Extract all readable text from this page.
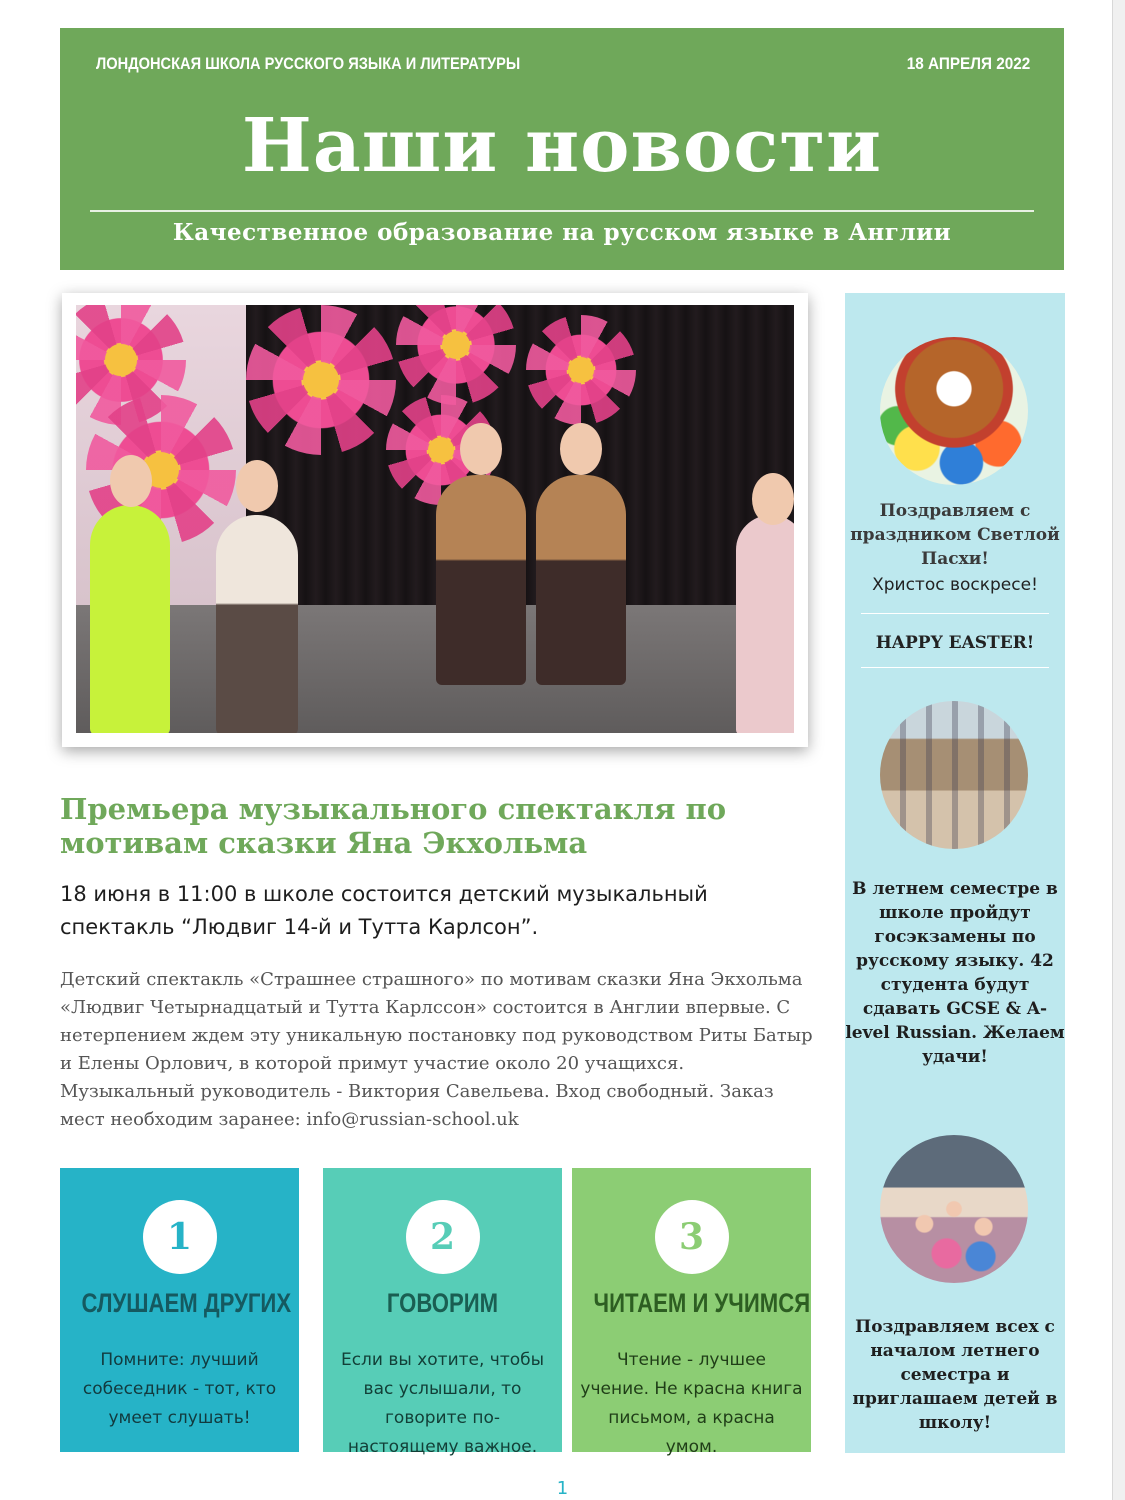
ЛОНДОНСКАЯ ШКОЛА РУССКОГО ЯЗЫКА И ЛИТЕРАТУРЫ	18 АПРЕЛЯ 2022
Наши новости
Качественное образование на русском языке в Англии
Премьера музыкального спектакля по мотивам сказки Яна Экхольма

18 июня в 11:00 в школе состоится детский музыкальный спектакль “Людвиг 14-й и Тутта Карлсон”.

Детский спектакль «Страшнее страшного» по мотивам сказки Яна Экхольма «Людвиг Четырнадцатый и Тутта Карлссон» состоится в Англии впервые. С нетерпением ждем эту уникальную постановку под руководством Риты Батыр и Елены Орлович, в которой примут участие около 20 учащихся. Музыкальный руководитель - Виктория Савельева. Вход свободный. Заказ мест необходим заранее: info@russian-school.uk

1
СЛУШАЕМ ДРУГИХ
Помните: лучший собеседник - тот, кто умеет слушать!
2
ГОВОРИМ
Если вы хотите, чтобы вас услышали, то говорите по-настоящему важное.
3
ЧИТАЕМ И УЧИМСЯ
Чтение - лучшее учение. Не красна книга письмом, а красна умом.
Поздравляем с праздником Светлой Пасхи!
Христос воскресе!
HAPPY EASTER!
В летнем семестре в школе пройдут госэкзамены по русскому языку. 42 студента будут сдавать GCSE & A-level Russian. Желаем удачи!
Поздравляем всех с началом летнего семестра и приглашаем детей в школу!
1
